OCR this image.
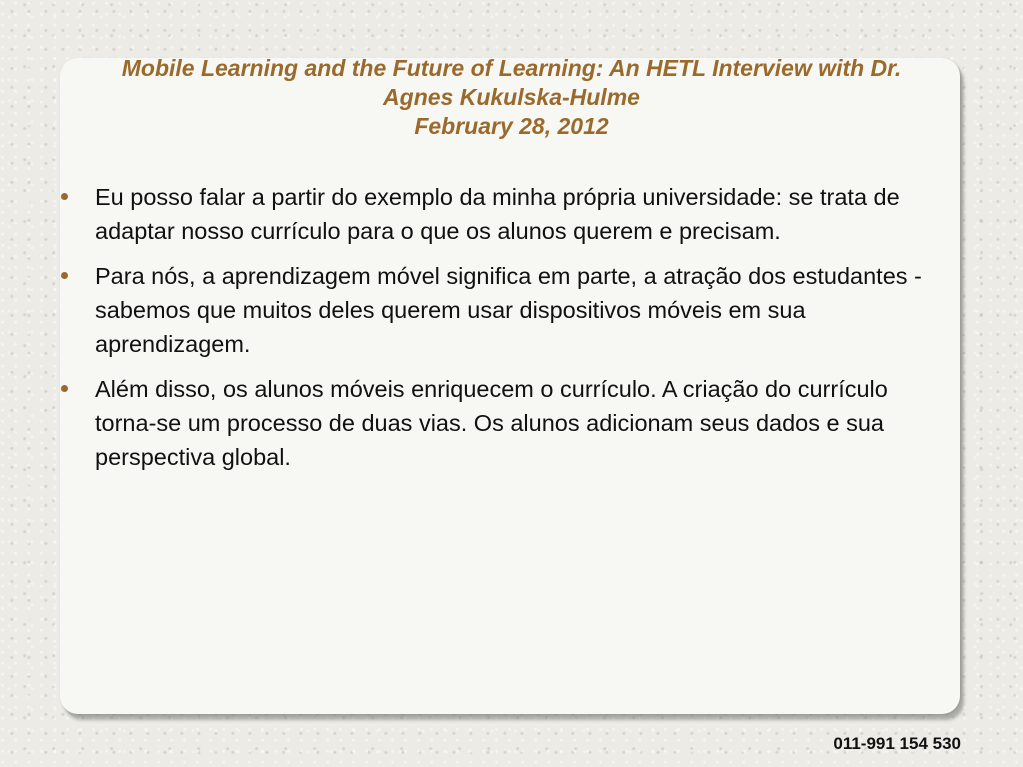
Mobile Learning and the Future of Learning: An HETL Interview with Dr.
Agnes Kukulska-Hulme
February 28, 2012
Eu posso falar a partir do exemplo da minha própria universidade: se trata de adaptar nosso currículo para o que os alunos querem e precisam.
Para nós, a aprendizagem móvel significa em parte, a atração dos estudantes - sabemos que muitos deles querem usar dispositivos móveis em sua aprendizagem.
Além disso, os alunos móveis enriquecem o currículo. A criação do currículo torna-se um processo de duas vias. Os alunos adicionam seus dados e sua perspectiva global.
011-991 154 530
